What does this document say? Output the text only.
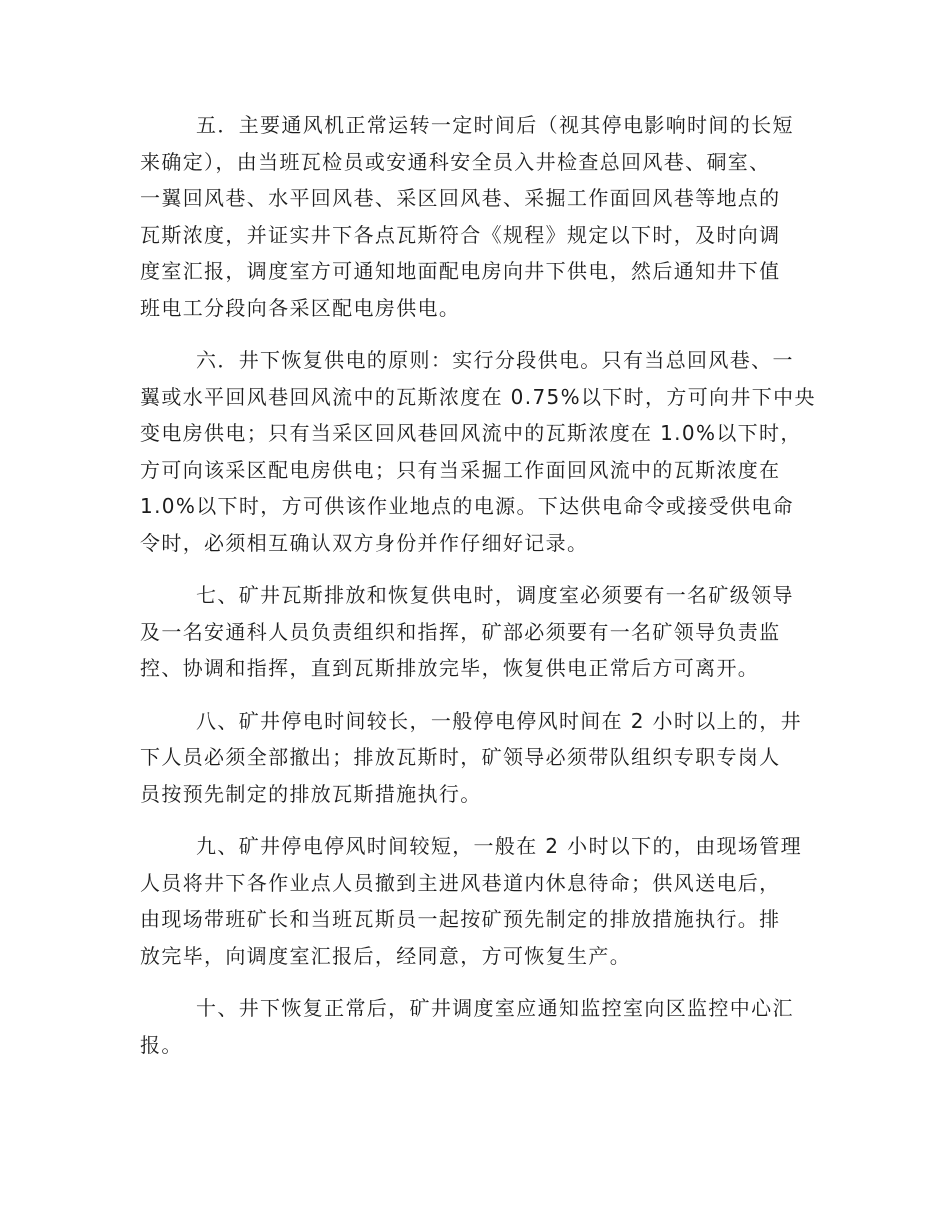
五．主要通风机正常运转一定时间后（视其停电影响时间的长短
来确定），由当班瓦检员或安通科安全员入井检查总回风巷、硐室、
一翼回风巷、水平回风巷、采区回风巷、采掘工作面回风巷等地点的
瓦斯浓度，并证实井下各点瓦斯符合《规程》规定以下时，及时向调
度室汇报，调度室方可通知地面配电房向井下供电，然后通知井下值
班电工分段向各采区配电房供电。

六．井下恢复供电的原则：实行分段供电。只有当总回风巷、一
翼或水平回风巷回风流中的瓦斯浓度在 0.75%以下时，方可向井下中央
变电房供电；只有当采区回风巷回风流中的瓦斯浓度在 1.0%以下时，
方可向该采区配电房供电；只有当采掘工作面回风流中的瓦斯浓度在
1.0%以下时，方可供该作业地点的电源。下达供电命令或接受供电命
令时，必须相互确认双方身份并作仔细好记录。

七、矿井瓦斯排放和恢复供电时，调度室必须要有一名矿级领导
及一名安通科人员负责组织和指挥，矿部必须要有一名矿领导负责监
控、协调和指挥，直到瓦斯排放完毕，恢复供电正常后方可离开。

八、矿井停电时间较长，一般停电停风时间在 2 小时以上的，井
下人员必须全部撤出；排放瓦斯时，矿领导必须带队组织专职专岗人
员按预先制定的排放瓦斯措施执行。

九、矿井停电停风时间较短，一般在 2 小时以下的，由现场管理
人员将井下各作业点人员撤到主进风巷道内休息待命；供风送电后，
由现场带班矿长和当班瓦斯员一起按矿预先制定的排放措施执行。排
放完毕，向调度室汇报后，经同意，方可恢复生产。

十、井下恢复正常后，矿井调度室应通知监控室向区监控中心汇
报。
